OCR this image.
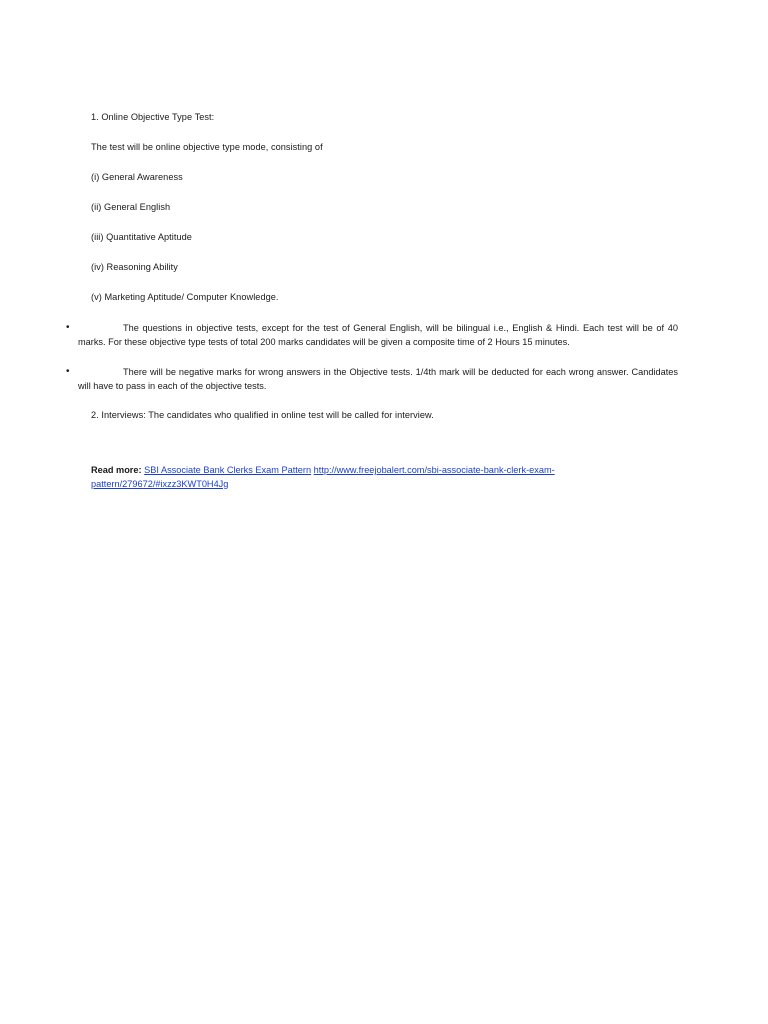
1. Online Objective Type Test:
The test will be online objective type mode, consisting of
(i) General Awareness
(ii) General English
(iii) Quantitative Aptitude
(iv) Reasoning Ability
(v) Marketing Aptitude/ Computer Knowledge.
•	The questions in objective tests, except for the test of General English, will be bilingual i.e., English & Hindi. Each test will be of 40 marks. For these objective type tests of total 200 marks candidates will be given a composite time of 2 Hours 15 minutes.
•	There will be negative marks for wrong answers in the Objective tests. 1/4th mark will be deducted for each wrong answer. Candidates will have to pass in each of the objective tests.
2. Interviews: The candidates who qualified in online test will be called for interview.
Read more: SBI Associate Bank Clerks Exam Pattern http://www.freejobalert.com/sbi-associate-bank-clerk-exam-pattern/279672/#ixzz3KWT0H4Jg
